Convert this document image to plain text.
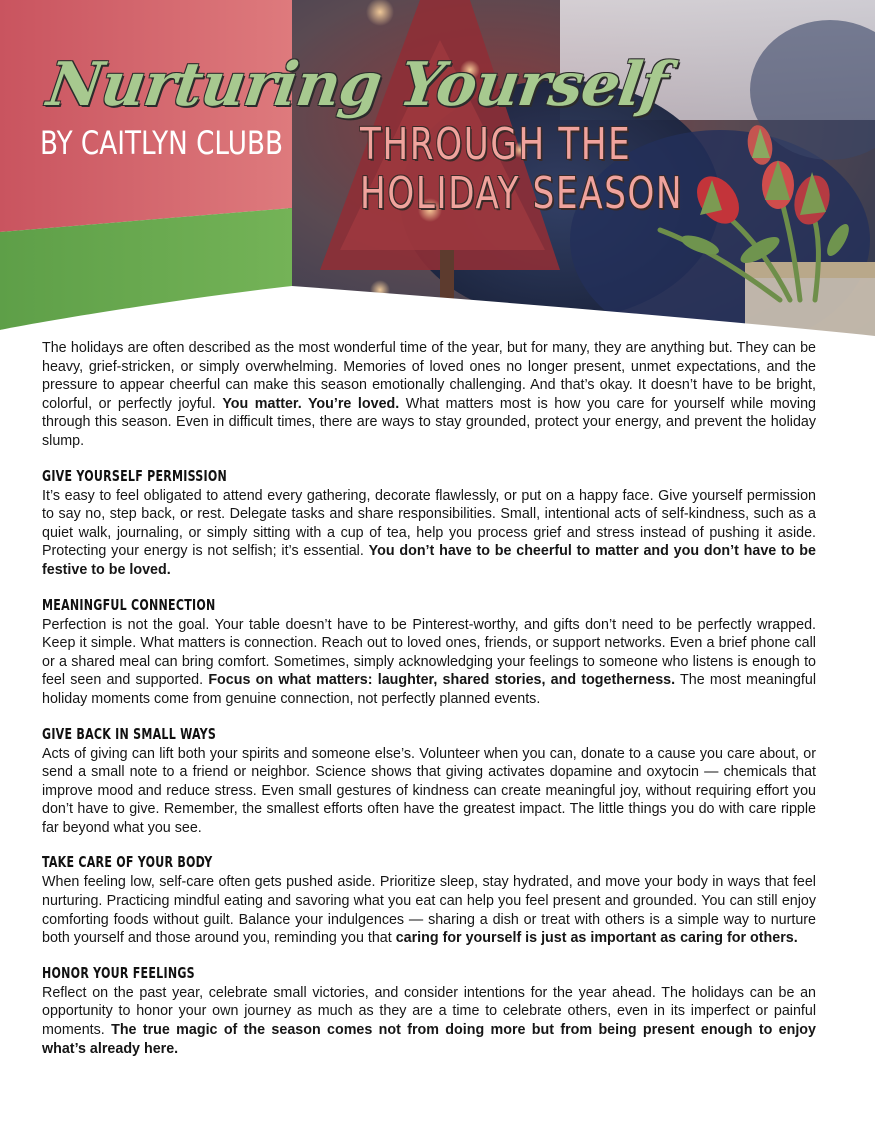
Nurturing Yourself

BY CAITLYN CLUBB THROUGH THE
HOLIDAY SEASON

The holidays are often described as the most wonderful time of the year, but for many, they are anything but. They can be heavy, grief-stricken, or simply overwhelming. Memories of loved ones no longer present, unmet expectations, and the pressure to appear cheerful can make this season emotionally challenging. And that’s okay. It doesn’t have to be bright, colorful, or perfectly joyful. You matter. You’re loved. What matters most is how you care for yourself while moving through this season. Even in difficult times, there are ways to stay grounded, protect your energy, and prevent the holiday slump.

GIVE YOURSELF PERMISSION

It’s easy to feel obligated to attend every gathering, decorate flawlessly, or put on a happy face. Give yourself permission to say no, step back, or rest. Delegate tasks and share responsibilities. Small, intentional acts of self-kindness, such as a quiet walk, journaling, or simply sitting with a cup of tea, help you process grief and stress instead of pushing it aside. Protecting your energy is not selfish; it’s essential. You don’t have to be cheerful to matter and you don’t have to be festive to be loved.

MEANINGFUL CONNECTION

Perfection is not the goal. Your table doesn’t have to be Pinterest-worthy, and gifts don’t need to be perfectly wrapped. Keep it simple. What matters is connection. Reach out to loved ones, friends, or support networks. Even a brief phone call or a shared meal can bring comfort. Sometimes, simply acknowledging your feelings to someone who listens is enough to feel seen and supported. Focus on what matters: laughter, shared stories, and togetherness. The most meaningful holiday moments come from genuine connection, not perfectly planned events.

GIVE BACK IN SMALL WAYS

Acts of giving can lift both your spirits and someone else’s. Volunteer when you can, donate to a cause you care about, or send a small note to a friend or neighbor. Science shows that giving activates dopamine and oxytocin — chemicals that improve mood and reduce stress. Even small gestures of kindness can create meaningful joy, without requiring effort you don’t have to give. Remember, the smallest efforts often have the greatest impact. The little things you do with care ripple far beyond what you see.

TAKE CARE OF YOUR BODY

When feeling low, self-care often gets pushed aside. Prioritize sleep, stay hydrated, and move your body in ways that feel nurturing. Practicing mindful eating and savoring what you eat can help you feel present and grounded. You can still enjoy comforting foods without guilt. Balance your indulgences — sharing a dish or treat with others is a simple way to nurture both yourself and those around you, reminding you that caring for yourself is just as important as caring for others.

HONOR YOUR FEELINGS

Reflect on the past year, celebrate small victories, and consider intentions for the year ahead. The holidays can be an opportunity to honor your own journey as much as they are a time to celebrate others, even in its imperfect or painful moments. The true magic of the season comes not from doing more but from being present enough to enjoy what’s already here.
